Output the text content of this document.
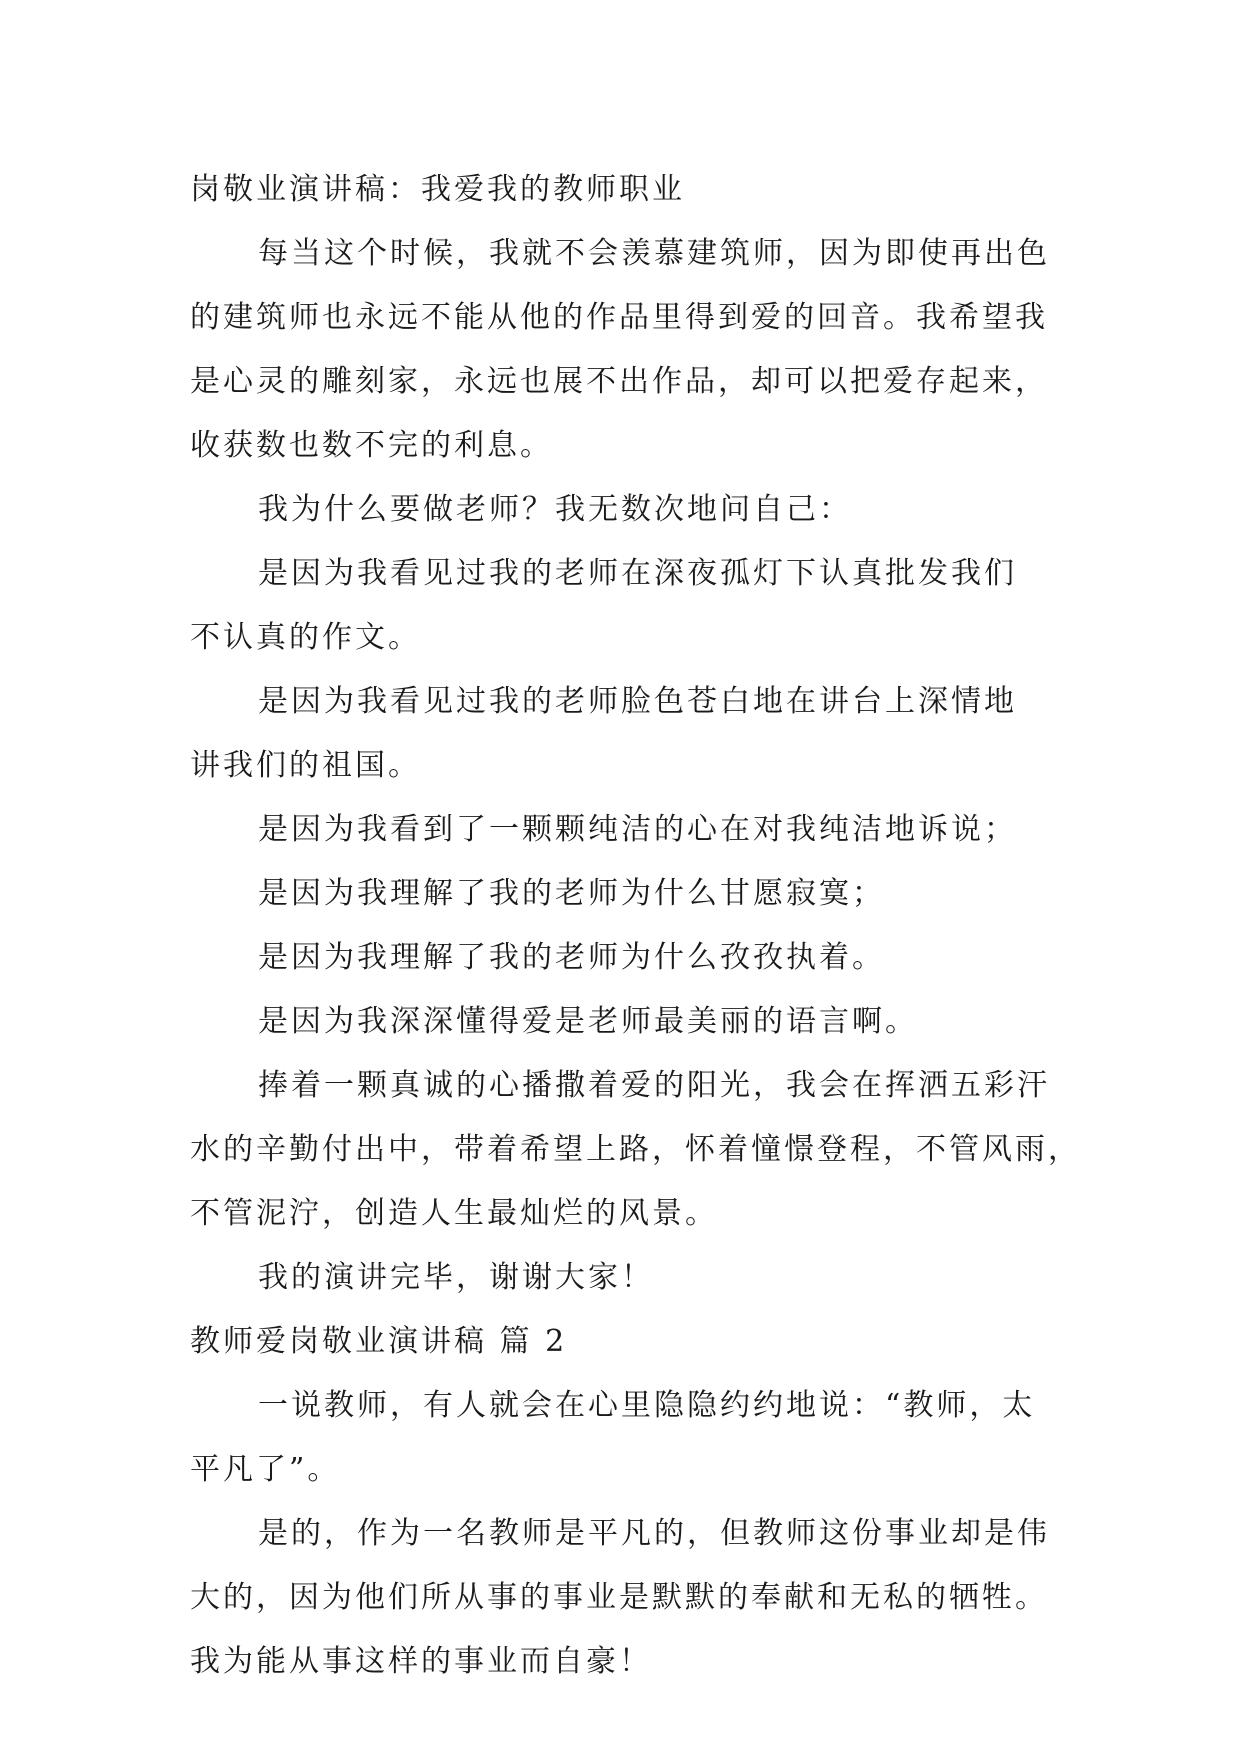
岗敬业演讲稿：我爱我的教师职业

每当这个时候，我就不会羡慕建筑师，因为即使再出色

的建筑师也永远不能从他的作品里得到爱的回音。我希望我

是心灵的雕刻家，永远也展不出作品，却可以把爱存起来，

收获数也数不完的利息。

我为什么要做老师？我无数次地问自己：

是因为我看见过我的老师在深夜孤灯下认真批发我们

不认真的作文。

是因为我看见过我的老师脸色苍白地在讲台上深情地

讲我们的祖国。

是因为我看到了一颗颗纯洁的心在对我纯洁地诉说；

是因为我理解了我的老师为什么甘愿寂寞；

是因为我理解了我的老师为什么孜孜执着。

是因为我深深懂得爱是老师最美丽的语言啊。

捧着一颗真诚的心播撒着爱的阳光，我会在挥洒五彩汗

水的辛勤付出中，带着希望上路，怀着憧憬登程，不管风雨，

不管泥泞，创造人生最灿烂的风景。

我的演讲完毕，谢谢大家！

教师爱岗敬业演讲稿 篇 2

一说教师，有人就会在心里隐隐约约地说：“教师，太

平凡了”。

是的，作为一名教师是平凡的，但教师这份事业却是伟

大的，因为他们所从事的事业是默默的奉献和无私的牺牲。

我为能从事这样的事业而自豪！
